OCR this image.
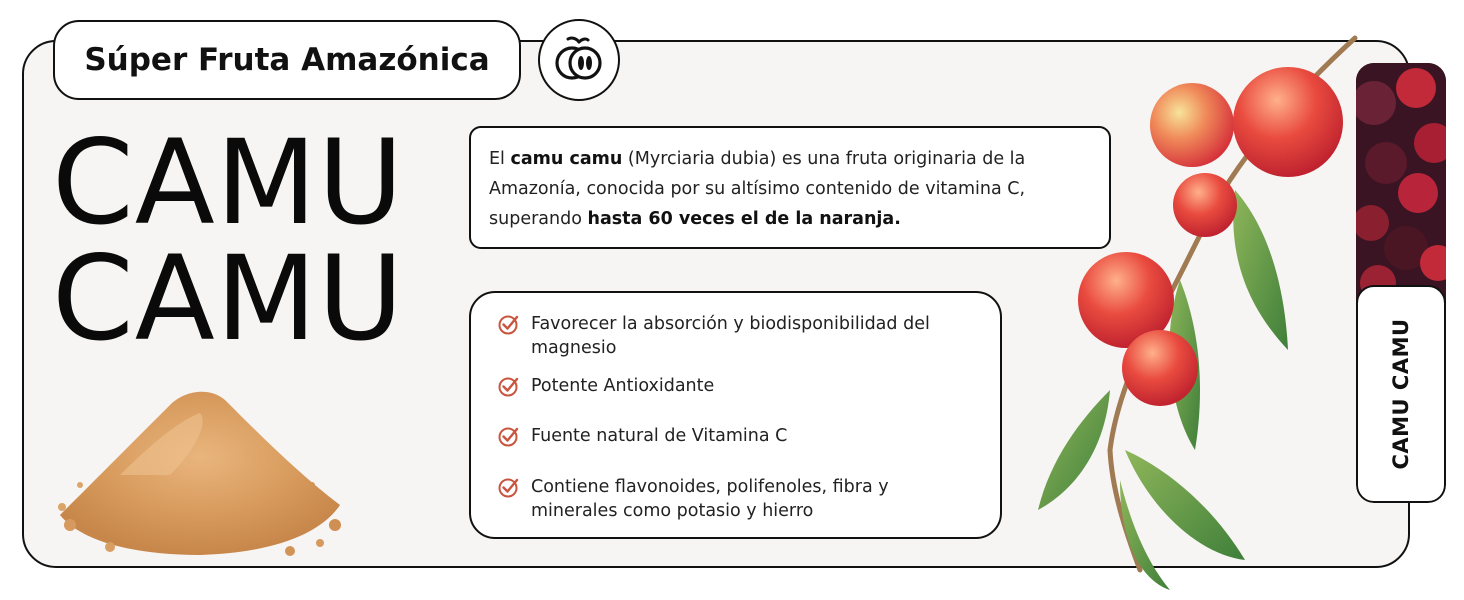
Súper Fruta Amazónica
CAMU
CAMU
El camu camu (Myrciaria dubia) es una fruta originaria de la Amazonía, conocida por su altísimo contenido de vitamina C, superando hasta 60 veces el de la naranja.
Favorecer la absorción y biodisponibilidad del magnesio
Potente Antioxidante
Fuente natural de Vitamina C
Contiene flavonoides, polifenoles, fibra y minerales como potasio y hierro
CAMU CAMU
